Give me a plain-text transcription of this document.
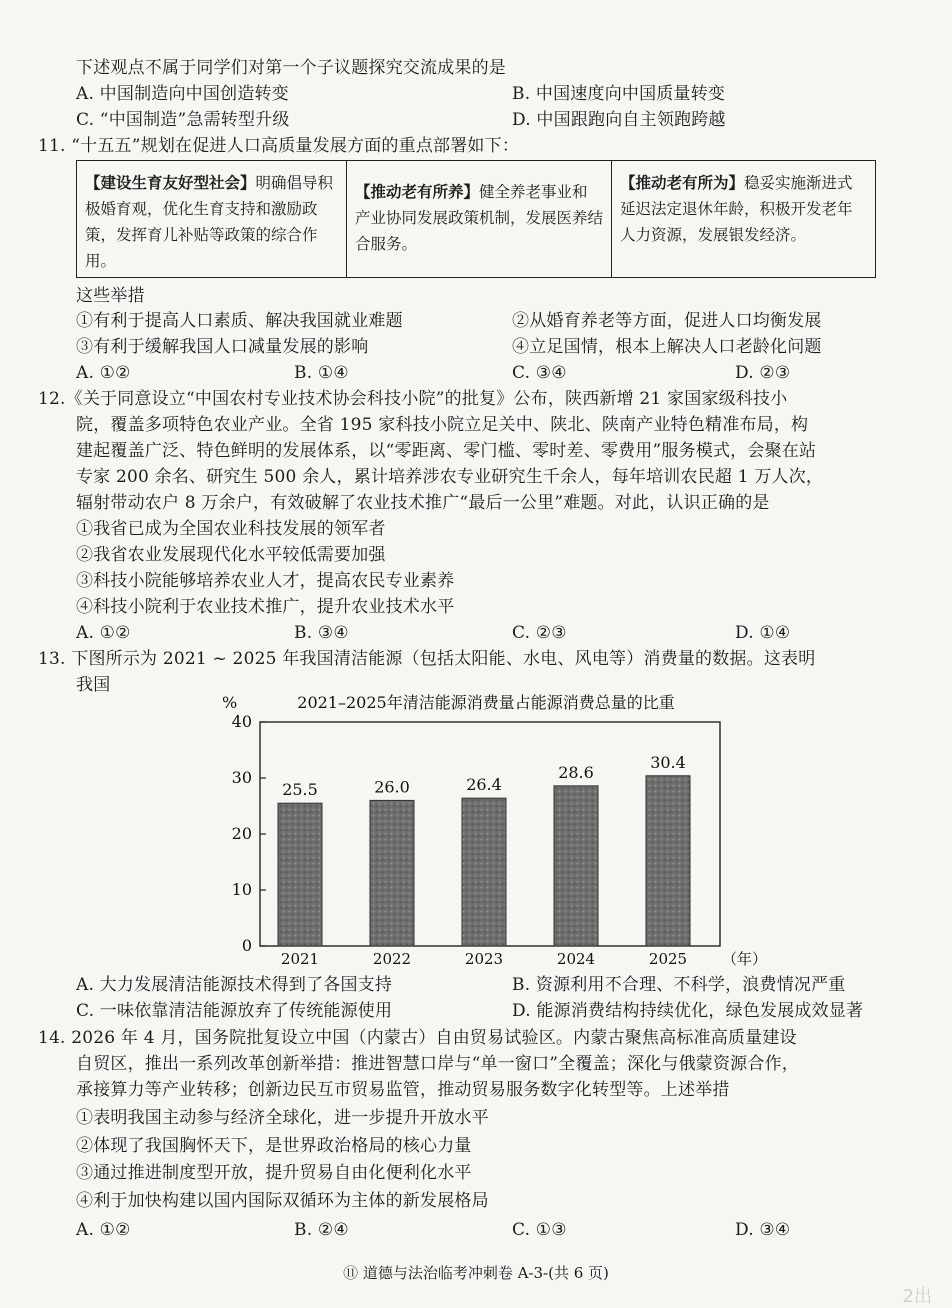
下述观点不属于同学们对第一个子议题探究交流成果的是
A. 中国制造向中国创造转变	B. 中国速度向中国质量转变
C. “中国制造”急需转型升级	D. 中国跟跑向自主领跑跨越
11. “十五五”规划在促进人口高质量发展方面的重点部署如下：
【建设生育友好型社会】明确倡导积极婚育观，优化生育支持和激励政策，发挥育儿补贴等政策的综合作用。
【推动老有所养】健全养老事业和产业协同发展政策机制，发展医养结合服务。
【推动老有所为】稳妥实施渐进式延迟法定退休年龄，积极开发老年人力资源，发展银发经济。
这些举措
①有利于提高人口素质、解决我国就业难题	②从婚育养老等方面，促进人口均衡发展
③有利于缓解我国人口减量发展的影响	④立足国情，根本上解决人口老龄化问题
A. ①②	B. ①④	C. ③④	D. ②③
12.《关于同意设立“中国农村专业技术协会科技小院”的批复》公布，陕西新增 21 家国家级科技小
院，覆盖多项特色农业产业。全省 195 家科技小院立足关中、陕北、陕南产业特色精准布局，构
建起覆盖广泛、特色鲜明的发展体系，以“零距离、零门槛、零时差、零费用”服务模式，会聚在站
专家 200 余名、研究生 500 余人，累计培养涉农专业研究生千余人，每年培训农民超 1 万人次，
辐射带动农户 8 万余户，有效破解了农业技术推广“最后一公里”难题。对此，认识正确的是
①我省已成为全国农业科技发展的领军者
②我省农业发展现代化水平较低需要加强
③科技小院能够培养农业人才，提高农民专业素养
④科技小院利于农业技术推广，提升农业技术水平
A. ①②	B. ③④	C. ②③	D. ①④
13. 下图所示为 2021 ~ 2025 年我国清洁能源（包括太阳能、水电、风电等）消费量的数据。这表明
我国
%	2021–2025年清洁能源消费量占能源消费总量的比重
0
10
20
30
40
25.5
2021
26.0
2022
26.4
2023
28.6
2024
30.4
2025 （年）
A. 大力发展清洁能源技术得到了各国支持	B. 资源利用不合理、不科学，浪费情况严重
C. 一味依靠清洁能源放弃了传统能源使用	D. 能源消费结构持续优化，绿色发展成效显著
14. 2026 年 4 月，国务院批复设立中国（内蒙古）自由贸易试验区。内蒙古聚焦高标准高质量建设
自贸区，推出一系列改革创新举措：推进智慧口岸与“单一窗口”全覆盖；深化与俄蒙资源合作，
承接算力等产业转移；创新边民互市贸易监管，推动贸易服务数字化转型等。上述举措
①表明我国主动参与经济全球化，进一步提升开放水平
②体现了我国胸怀天下，是世界政治格局的核心力量
③通过推进制度型开放，提升贸易自由化便利化水平
④利于加快构建以国内国际双循环为主体的新发展格局
A. ①②	B. ②④	C. ①③	D. ③④
⑪ 道德与法治临考冲刺卷 A-3-(共 6 页)
2出
